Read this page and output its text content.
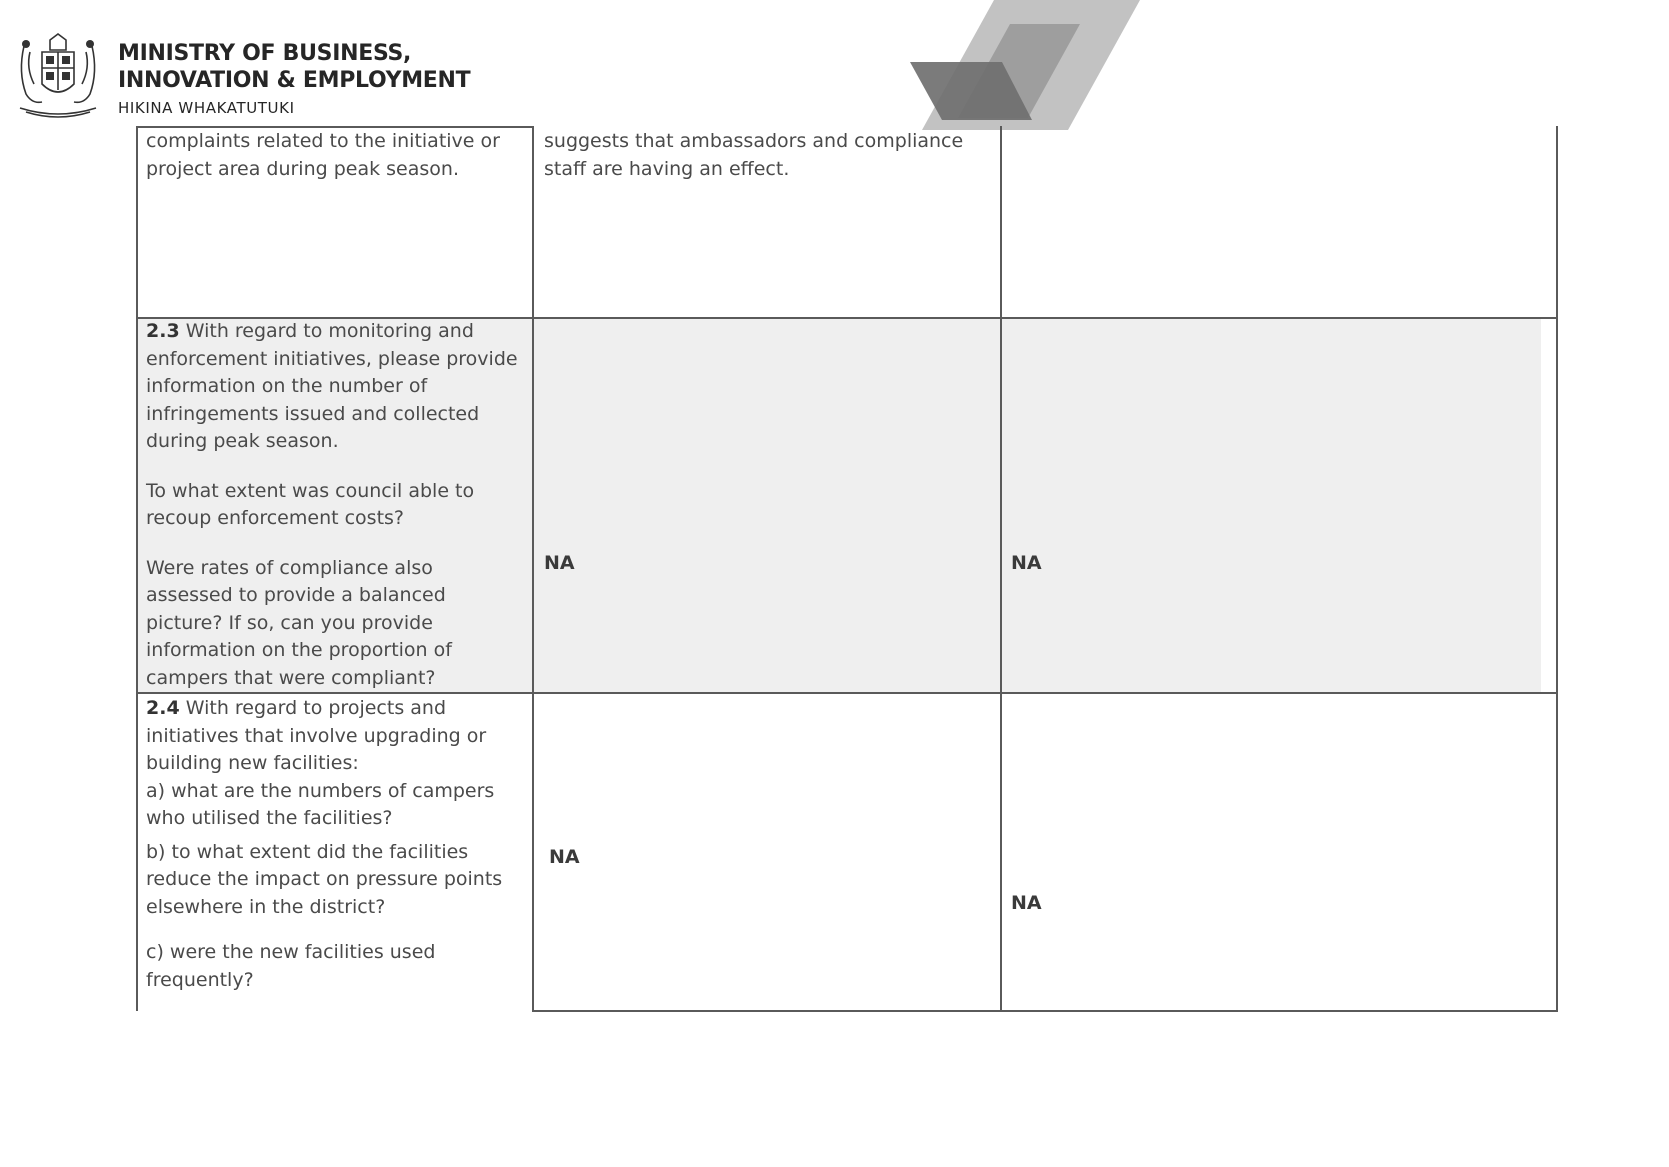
MINISTRY OF BUSINESS,
INNOVATION & EMPLOYMENT
HIKINA WHAKATUTUKI

complaints related to the initiative or project area during peak season.

suggests that ambassadors and compliance staff are having an effect.

2.3 With regard to monitoring and enforcement initiatives, please provide information on the number of infringements issued and collected during peak season.

To what extent was council able to recoup enforcement costs?

Were rates of compliance also assessed to provide a balanced picture? If so, can you provide information on the proportion of campers that were compliant?

NA	NA

2.4 With regard to projects and initiatives that involve upgrading or building new facilities:

a) what are the numbers of campers who utilised the facilities?

b) to what extent did the facilities reduce the impact on pressure points elsewhere in the district?

c) were the new facilities used frequently?

NA
NA
